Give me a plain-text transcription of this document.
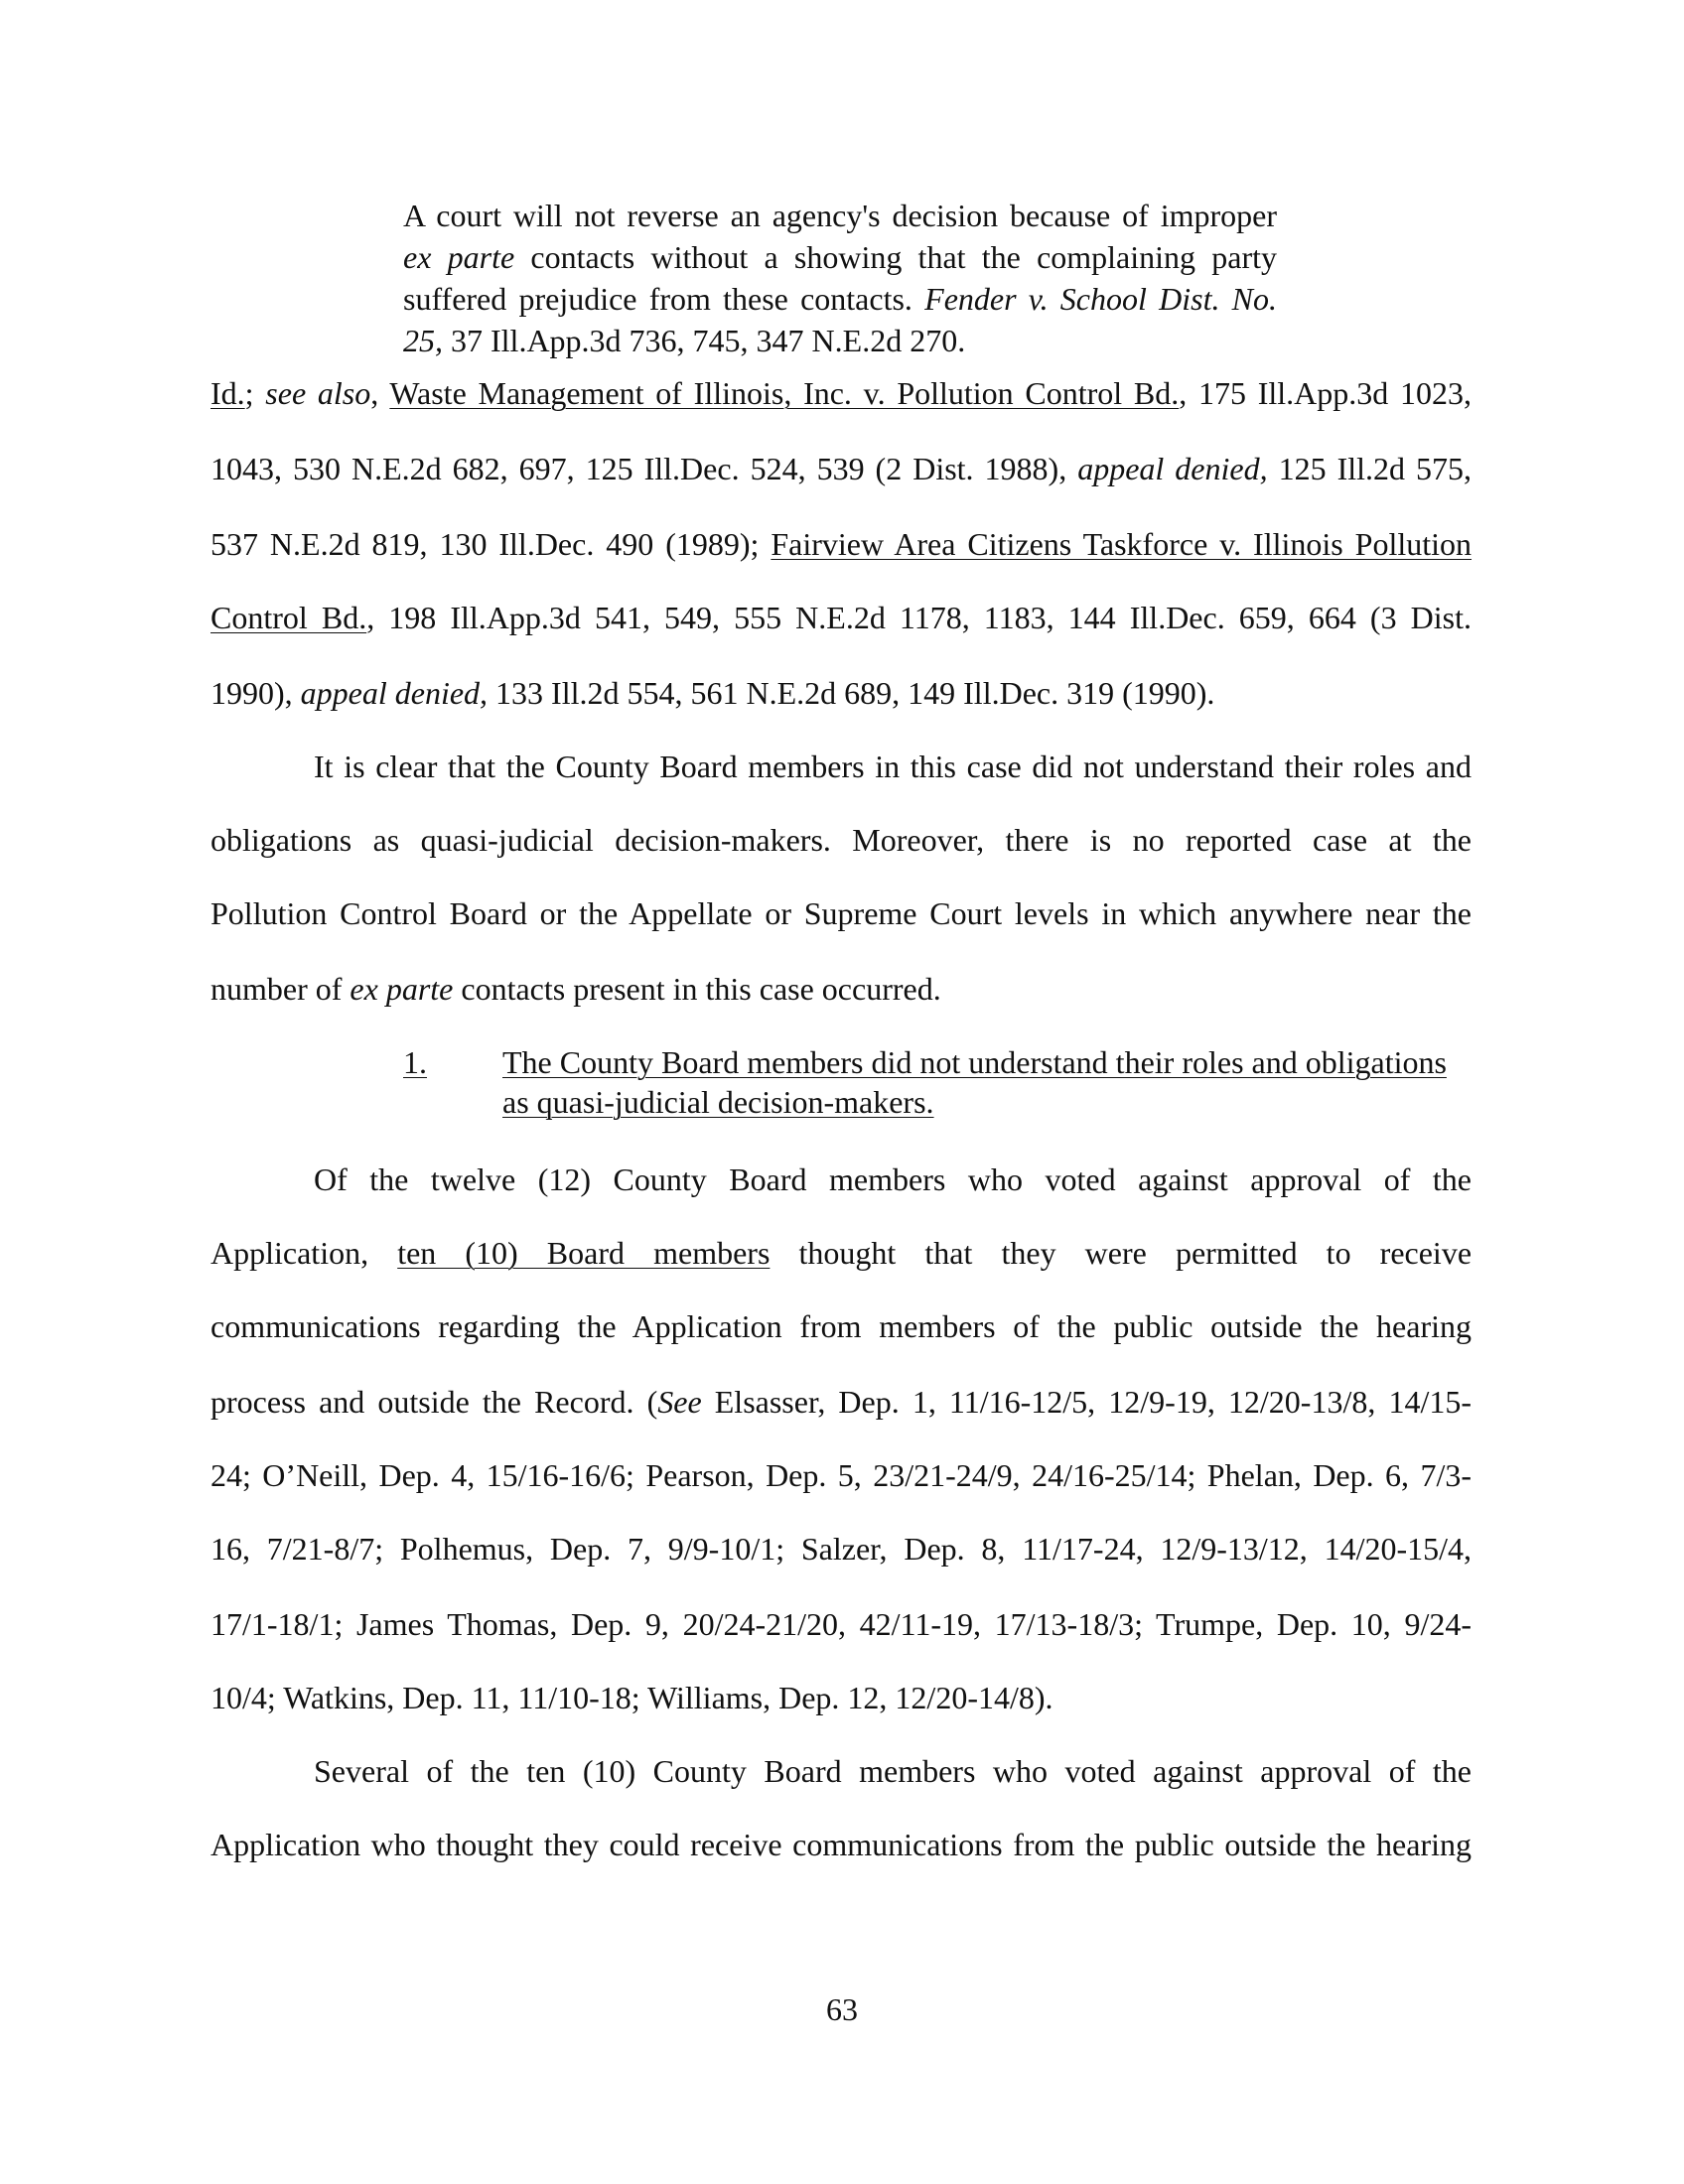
A court will not reverse an agency's decision because of improper
ex parte contacts without a showing that the complaining party
suffered prejudice from these contacts. Fender v. School Dist. No.
25, 37 Ill.App.3d 736, 745, 347 N.E.2d 270.
Id.; see also, Waste Management of Illinois, Inc. v. Pollution Control Bd., 175 Ill.App.3d 1023,
1043, 530 N.E.2d 682, 697, 125 Ill.Dec. 524, 539 (2 Dist. 1988), appeal denied, 125 Ill.2d 575,
537 N.E.2d 819, 130 Ill.Dec. 490 (1989); Fairview Area Citizens Taskforce v. Illinois Pollution
Control Bd., 198 Ill.App.3d 541, 549, 555 N.E.2d 1178, 1183, 144 Ill.Dec. 659, 664 (3 Dist.
1990), appeal denied, 133 Ill.2d 554, 561 N.E.2d 689, 149 Ill.Dec. 319 (1990).
It is clear that the County Board members in this case did not understand their roles and
obligations as quasi-judicial decision-makers. Moreover, there is no reported case at the
Pollution Control Board or the Appellate or Supreme Court levels in which anywhere near the
number of ex parte contacts present in this case occurred.
1. The County Board members did not understand their roles and obligations
as quasi-judicial decision-makers.
Of the twelve (12) County Board members who voted against approval of the
Application, ten (10) Board members thought that they were permitted to receive
communications regarding the Application from members of the public outside the hearing
process and outside the Record. (See Elsasser, Dep. 1, 11/16-12/5, 12/9-19, 12/20-13/8, 14/15-
24; O’Neill, Dep. 4, 15/16-16/6; Pearson, Dep. 5, 23/21-24/9, 24/16-25/14; Phelan, Dep. 6, 7/3-
16, 7/21-8/7; Polhemus, Dep. 7, 9/9-10/1; Salzer, Dep. 8, 11/17-24, 12/9-13/12, 14/20-15/4,
17/1-18/1; James Thomas, Dep. 9, 20/24-21/20, 42/11-19, 17/13-18/3; Trumpe, Dep. 10, 9/24-
10/4; Watkins, Dep. 11, 11/10-18; Williams, Dep. 12, 12/20-14/8).
Several of the ten (10) County Board members who voted against approval of the
Application who thought they could receive communications from the public outside the hearing
63
